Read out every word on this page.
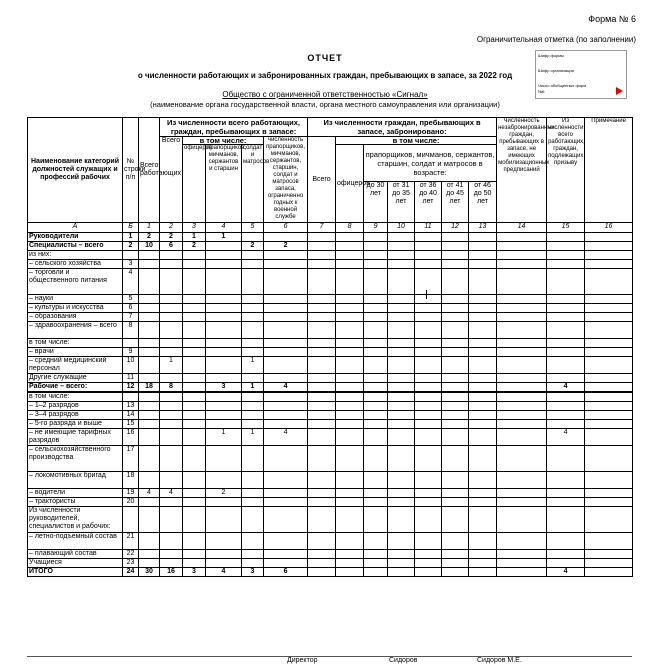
Форма № 6
Ограничительная отметка (по заполнении)
Шифр формы
Шифр организации
Число обобщенных форм №6
ОТЧЕТ
о численности работающих и забронированных граждан, пребывающих в запасе, за 2022 год
Общество с ограниченной ответственностью «Сигнал»
(наименование органа государственной власти, органа местного самоуправления или организации)
Наименование категорий должностей служащих и профессий рабочих	№ строки п/п	Всего работающих	Из численности всего работающих, граждан, пребывающих в запасе:					Из численности граждан, пребывающих в запасе, забронировано:							Численность незабронированных граждан, пребывающих в запасе, не имеющих мобилизационных предписаний	Из численности всего работающих, граждан, подлежащих призыву	Примечание
			Всего	в том числе:			численность прапорщиков, мичманов, сержантов, старшин, солдат и матросов запаса, ограниченно годных к военной службе	Всего	в том числе:								
				офицеров	прапорщиков, мичманов, сержантов и старшин	солдат и матросов			офицеров	прапорщиков, мичманов, сержантов, старшин, солдат и матросов в возрасте:							
										до 30 лет	от 31 до 35 лет	от 36 до 40 лет	от 41 до 45 лет	от 46 до 50 лет			
А	Б	1	2	3	4	5	6	7	8	9	10	11	12	13	14	15	16
Руководители	1	2	2	1	1												
Специалисты – всего	2	10	6	2		2	2										
из них:																	
– сельского хозяйства	3																
– торговли и общественного питания	4																
– науки	5																
– культуры и искусства	6																
– образования	7																
– здравоохранения – всего	8																
в том числе:																	
– врачи	9																
– средний медицинский персонал	10		1			1											
Другие служащие	11																
Рабочие – всего:	12	18	8		3	1	4									4	
в том числе:																	
– 1–2 разрядов	13																
– 3–4 разрядов	14																
– 5-го разряда и выше	15																
– не имеющие тарифных разрядов	16				1	1	4									4	
– сельскохозяйственного производства	17																
– локомотивных бригад	18																
– водители	19	4	4		2												
– трактористы	20																
Из численности руководителей, специалистов и рабочих:																	
– летно-подъемный состав	21																
– плавающий состав	22																
Учащиеся	23																
ИТОГО	24	30	16	3	4	3	6									4	
Директор	Сидоров	Сидоров М.Е.
